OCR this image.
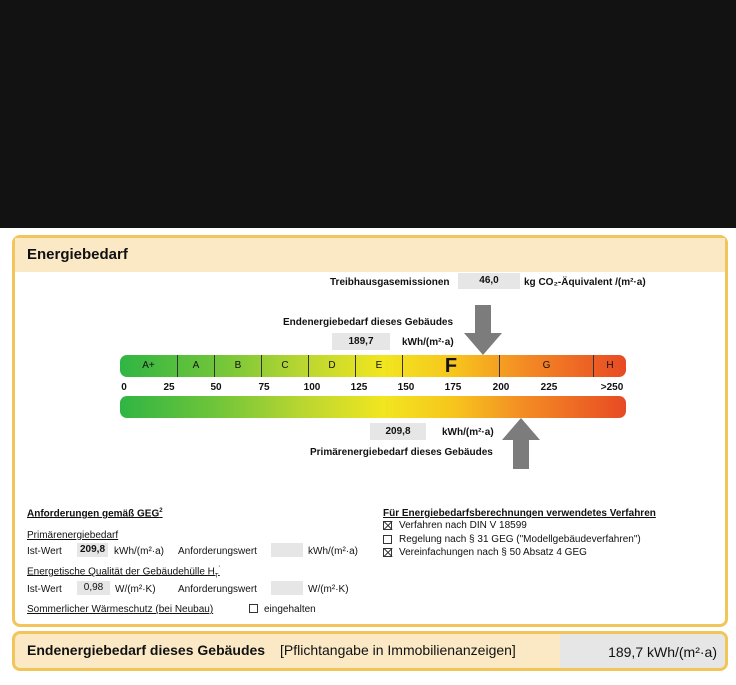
Energiebedarf
Treibhausgasemissionen	46,0	kg CO₂-Äquivalent /(m²·a)
Endenergiebedarf dieses Gebäudes
189,7	kWh/(m²·a)
A+	A	B	C	D	E	F	G	H
0	25	50	75	100	125	150	175	200	225	>250
209,8	kWh/(m²·a)
Primärenergiebedarf dieses Gebäudes
Anforderungen gemäß GEG$^2$
Primärenergiebedarf
Ist-Wert 209,8 kWh/(m²·a) Anforderungswert	kWh/(m²·a)
Energetische Qualität der Gebäudehülle $H_T'$
Ist-Wert	0,98	W/(m²·K) Anforderungswert	W/(m²·K)
Sommerlicher Wärmeschutz (bei Neubau)	eingehalten
Für Energiebedarfsberechnungen verwendetes Verfahren
Verfahren nach DIN V 18599
Regelung nach § 31 GEG ("Modellgebäudeverfahren")
Vereinfachungen nach § 50 Absatz 4 GEG
Endenergiebedarf dieses Gebäudes [Pflichtangabe in Immobilienanzeigen]	189,7 kWh/(m²·a)
